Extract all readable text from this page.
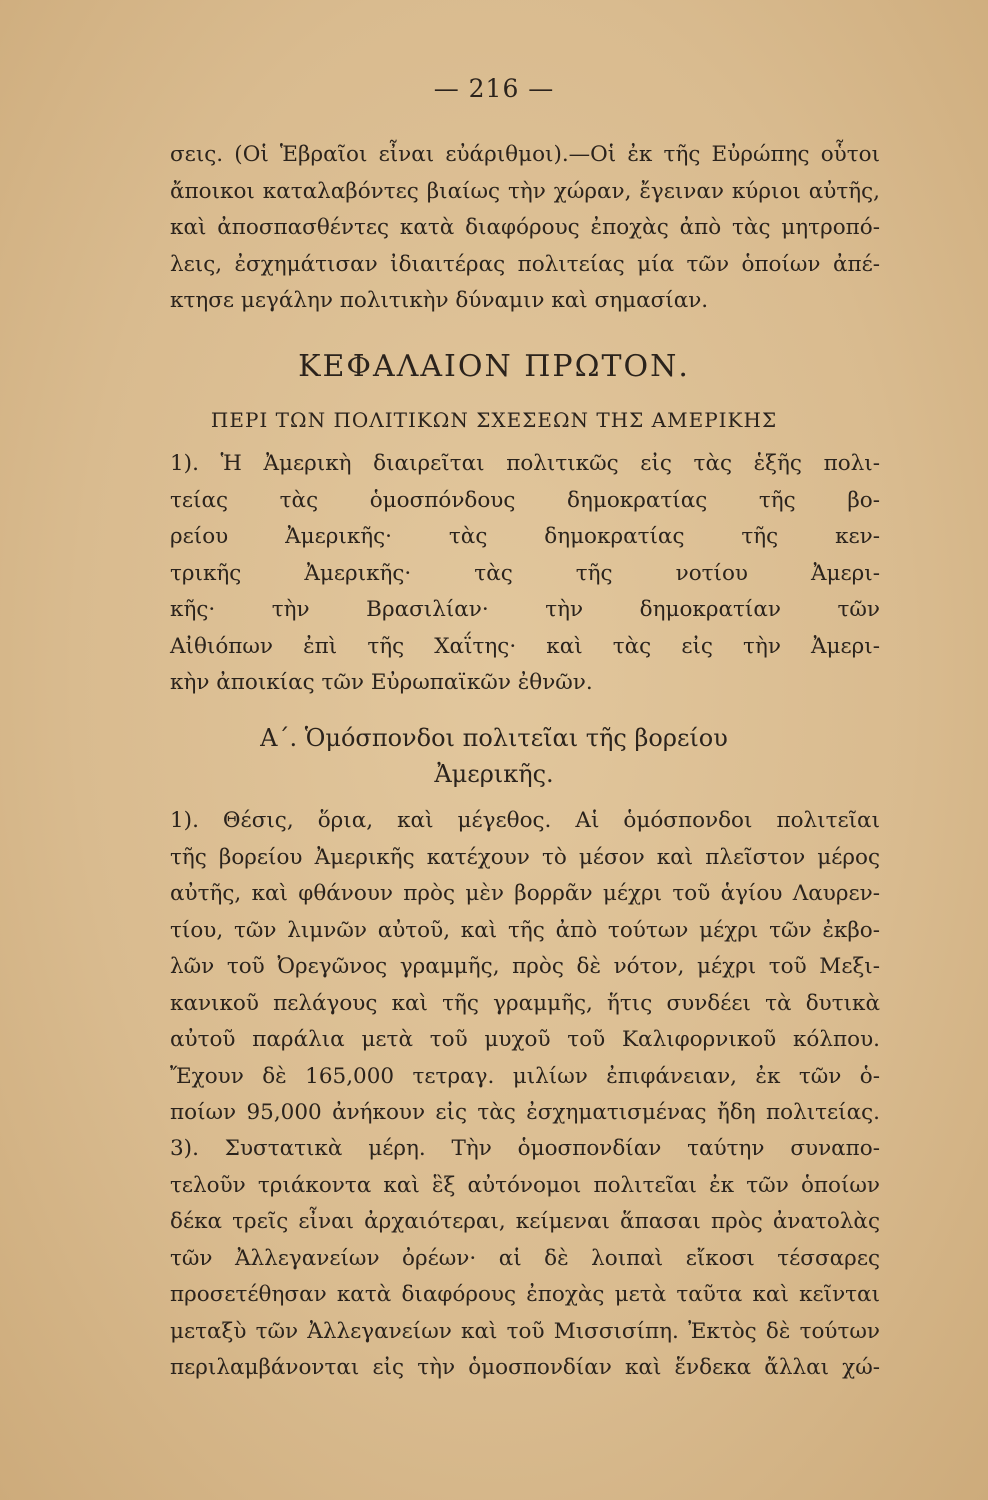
— 216 —
σεις. (Οἱ Ἑβραῖοι εἶναι εὐάριθμοι).—Οἱ ἐκ τῆς Εὐρώπης οὗτοι
ἄποικοι καταλαβόντες βιαίως τὴν χώραν, ἔγειναν κύριοι αὐτῆς,
καὶ ἀποσπασθέντες κατὰ διαφόρους ἐποχὰς ἀπὸ τὰς μητροπό-
λεις, ἐσχημάτισαν ἰδιαιτέρας πολιτείας μία τῶν ὁποίων ἀπέ-
κτησε μεγάλην πολιτικὴν δύναμιν καὶ σημασίαν.
ΚΕΦΑΛΑΙΟΝ ΠΡΩΤΟΝ.
ΠΕΡΙ ΤΩΝ ΠΟΛΙΤΙΚΩΝ ΣΧΕΣΕΩΝ ΤΗΣ ΑΜΕΡΙΚΗΣ
1). Ἡ Ἀμερικὴ διαιρεῖται πολιτικῶς εἰς τὰς ἑξῆς πολι-
τείας τὰς ὁμοσπόνδους δημοκρατίας τῆς βο-
ρείου Ἀμερικῆς· τὰς δημοκρατίας τῆς κεν-
τρικῆς Ἀμερικῆς· τὰς τῆς νοτίου Ἀμερι-
κῆς· τὴν Βρασιλίαν· τὴν δημοκρατίαν τῶν
Αἰθιόπων ἐπὶ τῆς Χαΐτης· καὶ τὰς εἰς τὴν Ἀμερι-
κὴν ἀποικίας τῶν Εὐρωπαϊκῶν ἐθνῶν.
Α΄. Ὁμόσπονδοι πολιτεῖαι τῆς βορείου
Ἀμερικῆς.
1). Θέσις, ὅρια, καὶ μέγεθος. Αἱ ὁμόσπονδοι πολιτεῖαι
τῆς βορείου Ἀμερικῆς κατέχουν τὸ μέσον καὶ πλεῖστον μέρος
αὐτῆς, καὶ φθάνουν πρὸς μὲν βορρᾶν μέχρι τοῦ ἁγίου Λαυρεν-
τίου, τῶν λιμνῶν αὐτοῦ, καὶ τῆς ἀπὸ τούτων μέχρι τῶν ἐκβο-
λῶν τοῦ Ὀρεγῶνος γραμμῆς, πρὸς δὲ νότον, μέχρι τοῦ Μεξι-
κανικοῦ πελάγους καὶ τῆς γραμμῆς, ἥτις συνδέει τὰ δυτικὰ
αὐτοῦ παράλια μετὰ τοῦ μυχοῦ τοῦ Καλιφορνικοῦ κόλπου.
Ἔχουν δὲ 165,000 τετραγ. μιλίων ἐπιφάνειαν, ἐκ τῶν ὁ-
ποίων 95,000 ἀνήκουν εἰς τὰς ἐσχηματισμένας ἤδη πολιτείας.
3). Συστατικὰ μέρη. Τὴν ὁμοσπονδίαν ταύτην συναπο-
τελοῦν τριάκοντα καὶ ἓξ αὐτόνομοι πολιτεῖαι ἐκ τῶν ὁποίων
δέκα τρεῖς εἶναι ἀρχαιότεραι, κείμεναι ἅπασαι πρὸς ἀνατολὰς
τῶν Ἀλλεγανείων ὀρέων· αἱ δὲ λοιπαὶ εἴκοσι τέσσαρες
προσετέθησαν κατὰ διαφόρους ἐποχὰς μετὰ ταῦτα καὶ κεῖνται
μεταξὺ τῶν Ἀλλεγανείων καὶ τοῦ Μισσισίπη. Ἐκτὸς δὲ τούτων
περιλαμβάνονται εἰς τὴν ὁμοσπονδίαν καὶ ἕνδεκα ἄλλαι χώ-
